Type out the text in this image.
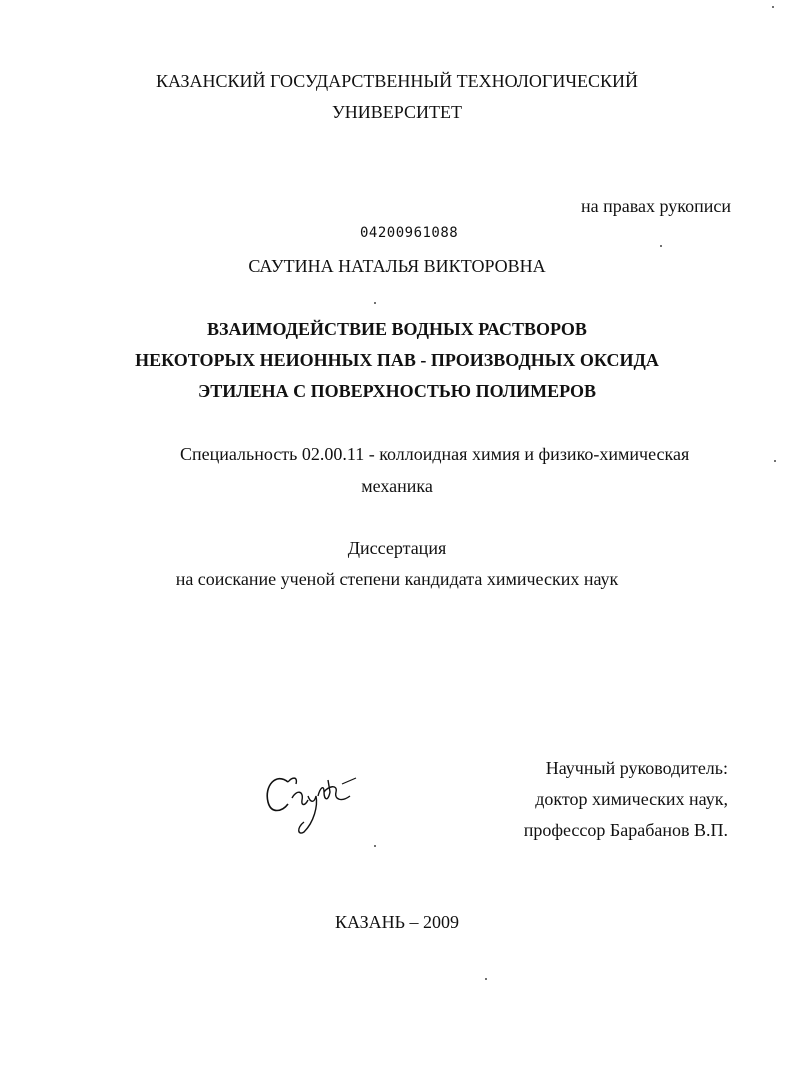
КАЗАНСКИЙ ГОСУДАРСТВЕННЫЙ ТЕХНОЛОГИЧЕСКИЙ
УНИВЕРСИТЕТ
на правах рукописи
04200961088
САУТИНА НАТАЛЬЯ ВИКТОРОВНА
ВЗАИМОДЕЙСТВИЕ ВОДНЫХ РАСТВОРОВ
НЕКОТОРЫХ НЕИОННЫХ ПАВ - ПРОИЗВОДНЫХ ОКСИДА
ЭТИЛЕНА С ПОВЕРХНОСТЬЮ ПОЛИМЕРОВ
Специальность 02.00.11 - коллоидная химия и физико-химическая
механика
Диссертация
на соискание ученой степени кандидата химических наук
Научный руководитель:
доктор химических наук,
профессор Барабанов В.П.
КАЗАНЬ – 2009
